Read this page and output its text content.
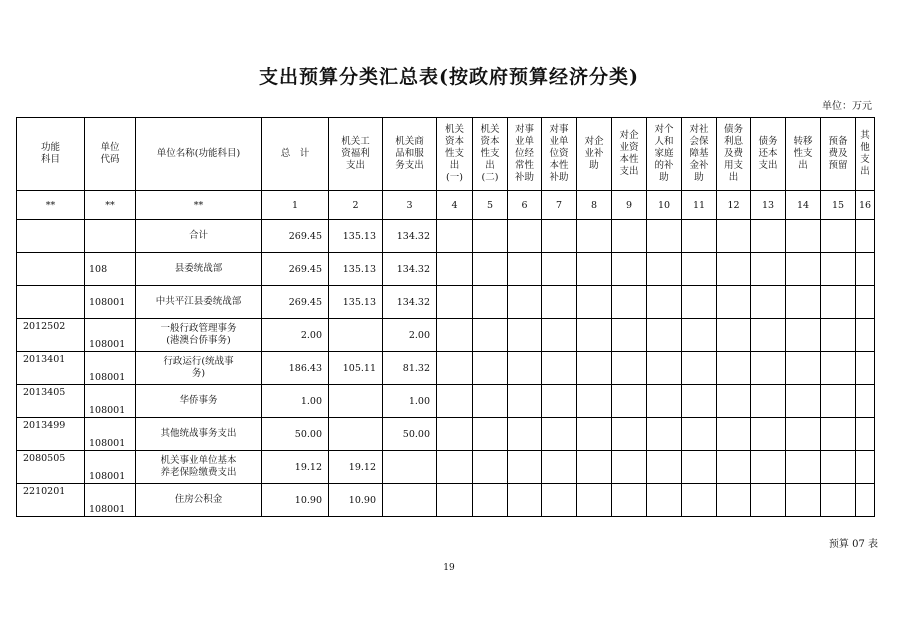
支出预算分类汇总表(按政府预算经济分类)
单位：万元
功能
科目	单位
代码	单位名称(功能科目)	总　计	机关工
资福利
支出	机关商
品和服
务支出	机关
资本
性支
出
(一)	机关
资本
性支
出
(二)	对事
业单
位经
常性
补助	对事
业单
位资
本性
补助	对企
业补
助	对企
业资
本性
支出	对个
人和
家庭
的补
助	对社
会保
障基
金补
助	债务
利息
及费
用支
出	债务
还本
支出	转移
性支
出	预备
费及
预留	其他
支出
**	**	**	1	2	3	4	5	6	7	8	9	10	11	12	13	14	15	16
		合计	269.45	135.13	134.32													
	108	县委统战部	269.45	135.13	134.32													
	108001	中共平江县委统战部	269.45	135.13	134.32													
2012502	108001	一般行政管理事务
(港澳台侨事务)	2.00		2.00													
2013401	108001	行政运行(统战事
务)	186.43	105.11	81.32													
2013405	108001	华侨事务	1.00		1.00													
2013499	108001	其他统战事务支出	50.00		50.00													
2080505	108001	机关事业单位基本
养老保险缴费支出	19.12	19.12														
2210201	108001	住房公积金	10.90	10.90														
预算 07 表
19
